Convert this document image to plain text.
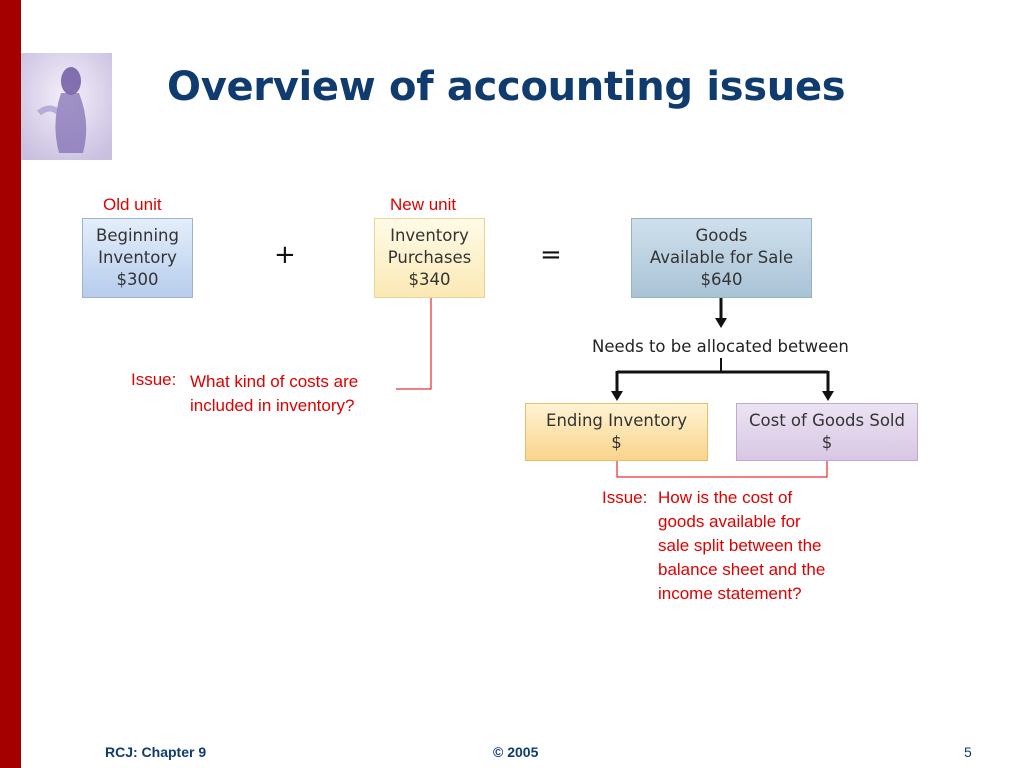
Overview of accounting issues
Old unit	New unit
Beginning
Inventory
$300
+
Inventory
Purchases
$340
=
Goods
Available for Sale
$640
Needs to be allocated between
Ending Inventory
$
Cost of Goods Sold
$
Issue: What kind of costs are
included in inventory?
Issue: How is the cost of
goods available for
sale split between the
balance sheet and the
income statement?
RCJ: Chapter 9	© 2005	5
